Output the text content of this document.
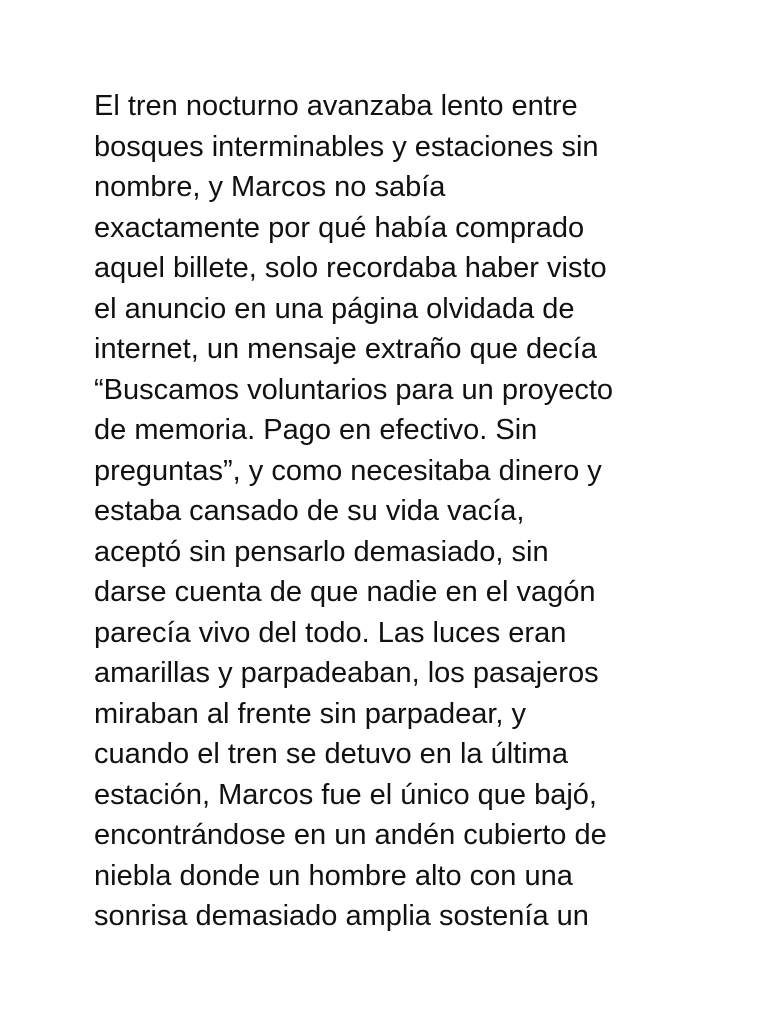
El tren nocturno avanzaba lento entre
bosques interminables y estaciones sin
nombre, y Marcos no sabía
exactamente por qué había comprado
aquel billete, solo recordaba haber visto
el anuncio en una página olvidada de
internet, un mensaje extraño que decía
“Buscamos voluntarios para un proyecto
de memoria. Pago en efectivo. Sin
preguntas”, y como necesitaba dinero y
estaba cansado de su vida vacía,
aceptó sin pensarlo demasiado, sin
darse cuenta de que nadie en el vagón
parecía vivo del todo. Las luces eran
amarillas y parpadeaban, los pasajeros
miraban al frente sin parpadear, y
cuando el tren se detuvo en la última
estación, Marcos fue el único que bajó,
encontrándose en un andén cubierto de
niebla donde un hombre alto con una
sonrisa demasiado amplia sostenía un
